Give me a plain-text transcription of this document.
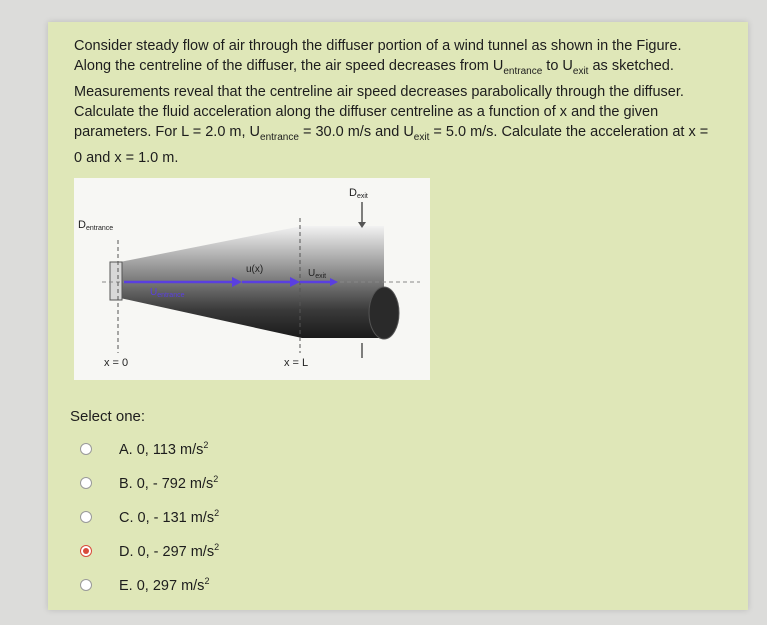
Consider steady flow of air through the diffuser portion of a wind tunnel as shown in the Figure. Along the centreline of the diffuser, the air speed decreases from $U_{entrance}$ to $U_{exit}$ as sketched. Measurements reveal that the centreline air speed decreases parabolically through the diffuser. Calculate the fluid acceleration along the diffuser centreline as a function of x and the given parameters. For L = 2.0 m, $U_{entrance} = 30.0$ m/s and $U_{exit} = 5.0$ m/s. Calculate the acceleration at x = 0 and x = 1.0 m.
Dentrance
Dexit
u(x)	$U_{exit}$
$U_{entrance}$
x = 0	x = L
Select one:
A. 0, 113 $m/s^2$
B. 0, - 792 $m/s^2$
C. 0, - 131 $m/s^2$
D. 0, - 297 $m/s^2$
E. 0, 297 $m/s^2$
